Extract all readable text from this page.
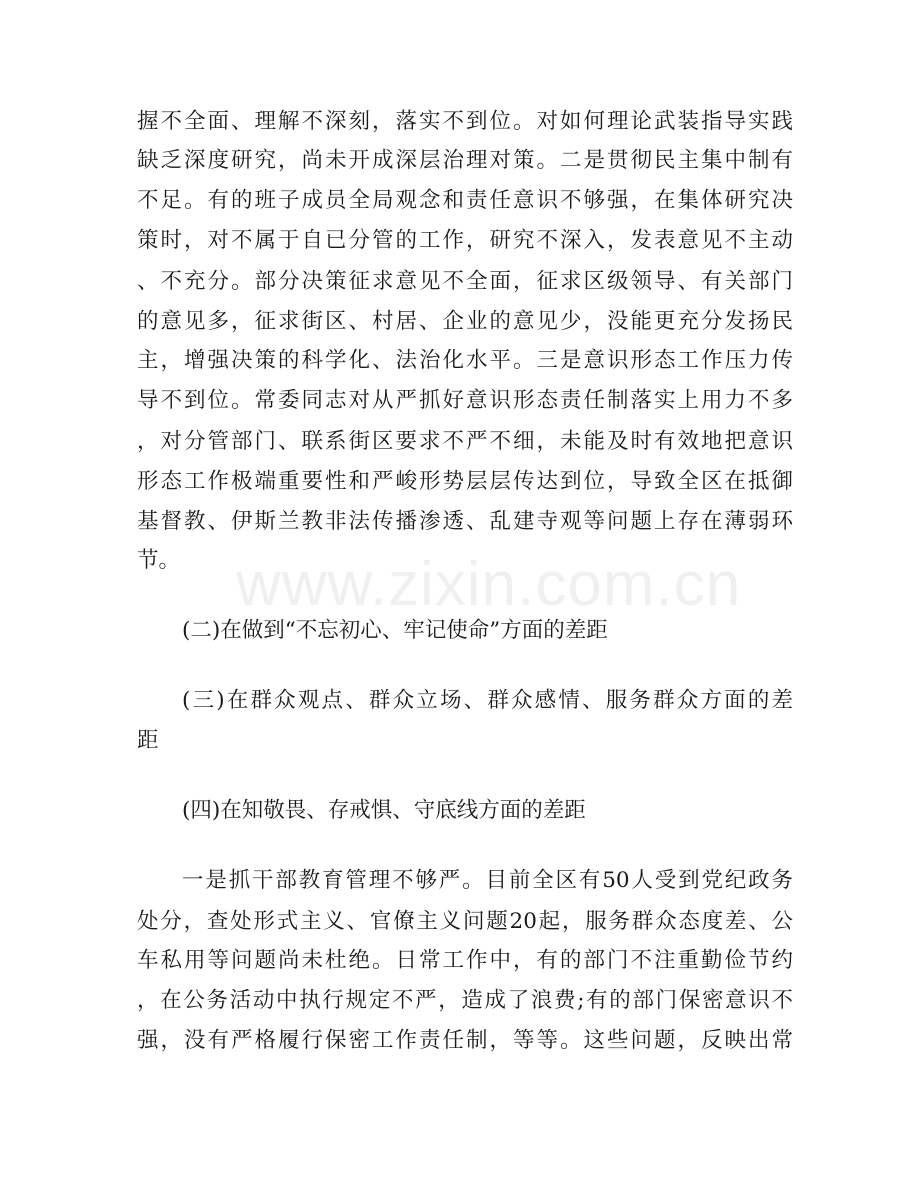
握不全面、理解不深刻，落实不到位。对如何理论武装指导实践
缺乏深度研究，尚未开成深层治理对策。二是贯彻民主集中制有
不足。有的班子成员全局观念和责任意识不够强，在集体研究决
策时，对不属于自已分管的工作，研究不深入，发表意见不主动
、不充分。部分决策征求意见不全面，征求区级领导、有关部门
的意见多，征求街区、村居、企业的意见少，没能更充分发扬民
主，增强决策的科学化、法治化水平。三是意识形态工作压力传
导不到位。常委同志对从严抓好意识形态责任制落实上用力不多
，对分管部门、联系街区要求不严不细，未能及时有效地把意识
形态工作极端重要性和严峻形势层层传达到位，导致全区在抵御
基督教、伊斯兰教非法传播渗透、乱建寺观等问题上存在薄弱环
节。
(二)在做到“不忘初心、牢记使命”方面的差距
(三)在群众观点、群众立场、群众感情、服务群众方面的差
距
(四)在知敬畏、存戒惧、守底线方面的差距
一是抓干部教育管理不够严。目前全区有50人受到党纪政务
处分，查处形式主义、官僚主义问题20起，服务群众态度差、公
车私用等问题尚未杜绝。日常工作中，有的部门不注重勤俭节约
，在公务活动中执行规定不严，造成了浪费;有的部门保密意识不
强，没有严格履行保密工作责任制，等等。这些问题，反映出常
www.zixin.com.cn
